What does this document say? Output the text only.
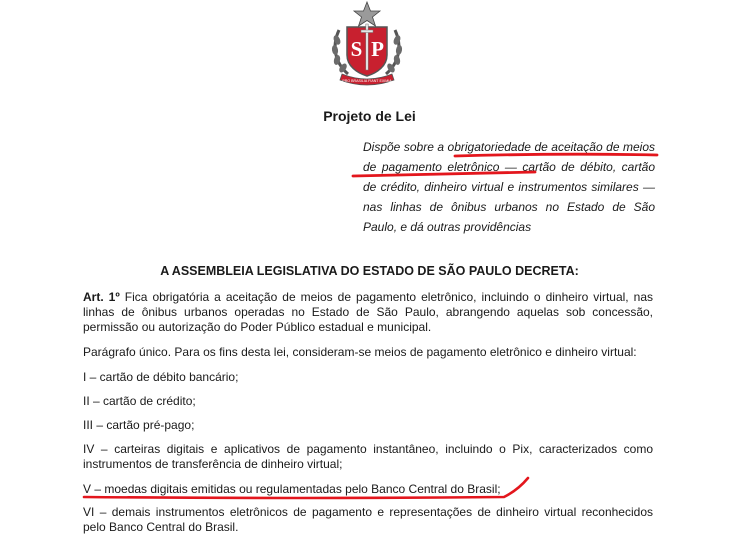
S P
PRO BRASILIA FIANT EXIMIA
Projeto de Lei
Dispõe sobre a obrigatoriedade de aceitação de meios de pagamento eletrônico — cartão de débito, cartão de crédito, dinheiro virtual e instrumentos similares — nas linhas de ônibus urbanos no Estado de São Paulo, e dá outras providências
A ASSEMBLEIA LEGISLATIVA DO ESTADO DE SÃO PAULO DECRETA:
Art. 1º Fica obrigatória a aceitação de meios de pagamento eletrônico, incluindo o dinheiro virtual, nas linhas de ônibus urbanos operadas no Estado de São Paulo, abrangendo aquelas sob concessão, permissão ou autorização do Poder Público estadual e municipal.
Parágrafo único. Para os fins desta lei, consideram-se meios de pagamento eletrônico e dinheiro virtual:
I – cartão de débito bancário;
II – cartão de crédito;
III – cartão pré-pago;
IV – carteiras digitais e aplicativos de pagamento instantâneo, incluindo o Pix, caracterizados como instrumentos de transferência de dinheiro virtual;
V – moedas digitais emitidas ou regulamentadas pelo Banco Central do Brasil;
VI – demais instrumentos eletrônicos de pagamento e representações de dinheiro virtual reconhecidos pelo Banco Central do Brasil.
